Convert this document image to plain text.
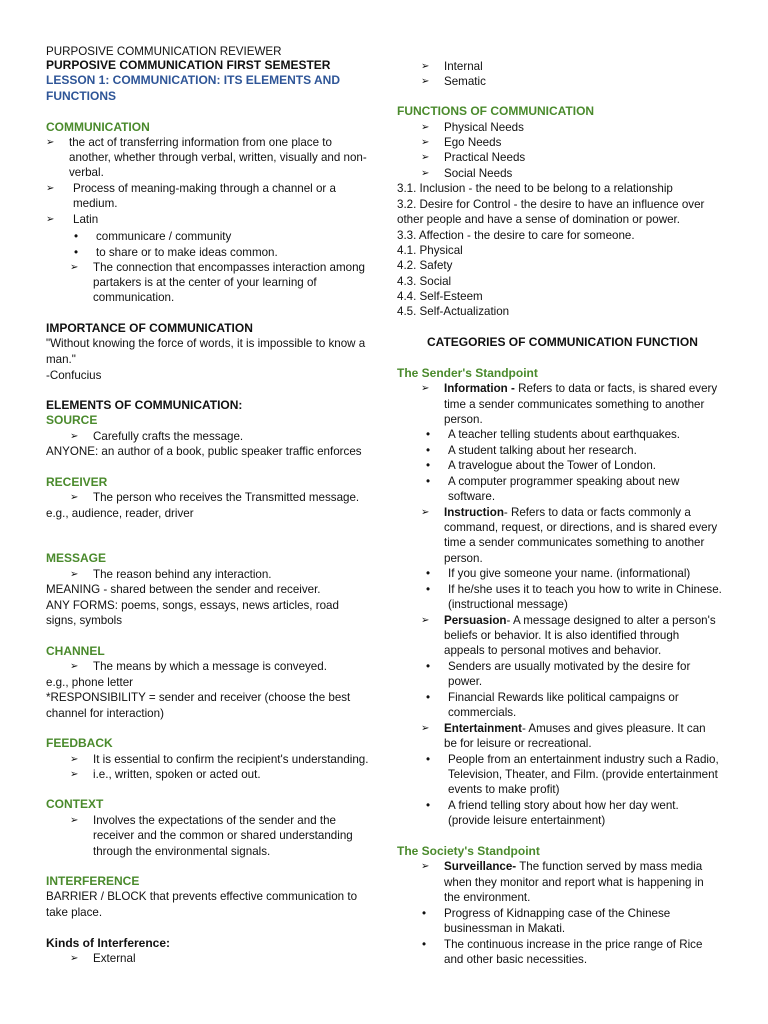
PURPOSIVE COMMUNICATION REVIEWER
PURPOSIVE COMMUNICATION FIRST SEMESTER
LESSON 1: COMMUNICATION: ITS ELEMENTS AND
FUNCTIONS
COMMUNICATION
➢	the act of transferring information from one place to
another, whether through verbal, written, visually and non-
verbal.
➢	Process of meaning-making through a channel or a
medium.
➢	Latin
• communicare / community
• to share or to make ideas common.
➢	The connection that encompasses interaction among
partakers is at the center of your learning of
communication.
IMPORTANCE OF COMMUNICATION
"Without knowing the force of words, it is impossible to know a
man."
-Confucius
ELEMENTS OF COMMUNICATION:
SOURCE
➢	Carefully crafts the message.
ANYONE: an author of a book, public speaker traffic enforces
RECEIVER
➢	The person who receives the Transmitted message.
e.g., audience, reader, driver
MESSAGE
➢	The reason behind any interaction.
MEANING - shared between the sender and receiver.
ANY FORMS: poems, songs, essays, news articles, road
signs, symbols
CHANNEL
➢	The means by which a message is conveyed.
e.g., phone letter
*RESPONSIBILITY = sender and receiver (choose the best
channel for interaction)
FEEDBACK
➢	It is essential to confirm the recipient's understanding.
➢	i.e., written, spoken or acted out.
CONTEXT
➢	Involves the expectations of the sender and the
receiver and the common or shared understanding
through the environmental signals.
INTERFERENCE
BARRIER / BLOCK that prevents effective communication to
take place.
Kinds of Interference:
➢	External
➢	Internal
➢	Sematic
FUNCTIONS OF COMMUNICATION
➢	Physical Needs
➢	Ego Needs
➢	Practical Needs
➢	Social Needs
3.1. Inclusion - the need to be belong to a relationship
3.2. Desire for Control - the desire to have an influence over
other people and have a sense of domination or power.
3.3. Affection - the desire to care for someone.
4.1. Physical
4.2. Safety
4.3. Social
4.4. Self-Esteem
4.5. Self-Actualization
CATEGORIES OF COMMUNICATION FUNCTION
The Sender's Standpoint
➢	Information - Refers to data or facts, is shared every
time a sender communicates something to another
person.
• A teacher telling students about earthquakes.
• A student talking about her research.
• A travelogue about the Tower of London.
• A computer programmer speaking about new
software.
➢	Instruction- Refers to data or facts commonly a
command, request, or directions, and is shared every
time a sender communicates something to another
person.
• If you give someone your name. (informational)
• If he/she uses it to teach you how to write in Chinese.
(instructional message)
➢	Persuasion- A message designed to alter a person's
beliefs or behavior. It is also identified through
appeals to personal motives and behavior.
• Senders are usually motivated by the desire for
power.
• Financial Rewards like political campaigns or
commercials.
➢	Entertainment- Amuses and gives pleasure. It can
be for leisure or recreational.
• People from an entertainment industry such a Radio,
Television, Theater, and Film. (provide entertainment
events to make profit)
• A friend telling story about how her day went.
(provide leisure entertainment)
The Society's Standpoint
➢	Surveillance- The function served by mass media
when they monitor and report what is happening in
the environment.
• Progress of Kidnapping case of the Chinese
businessman in Makati.
• The continuous increase in the price range of Rice
and other basic necessities.
